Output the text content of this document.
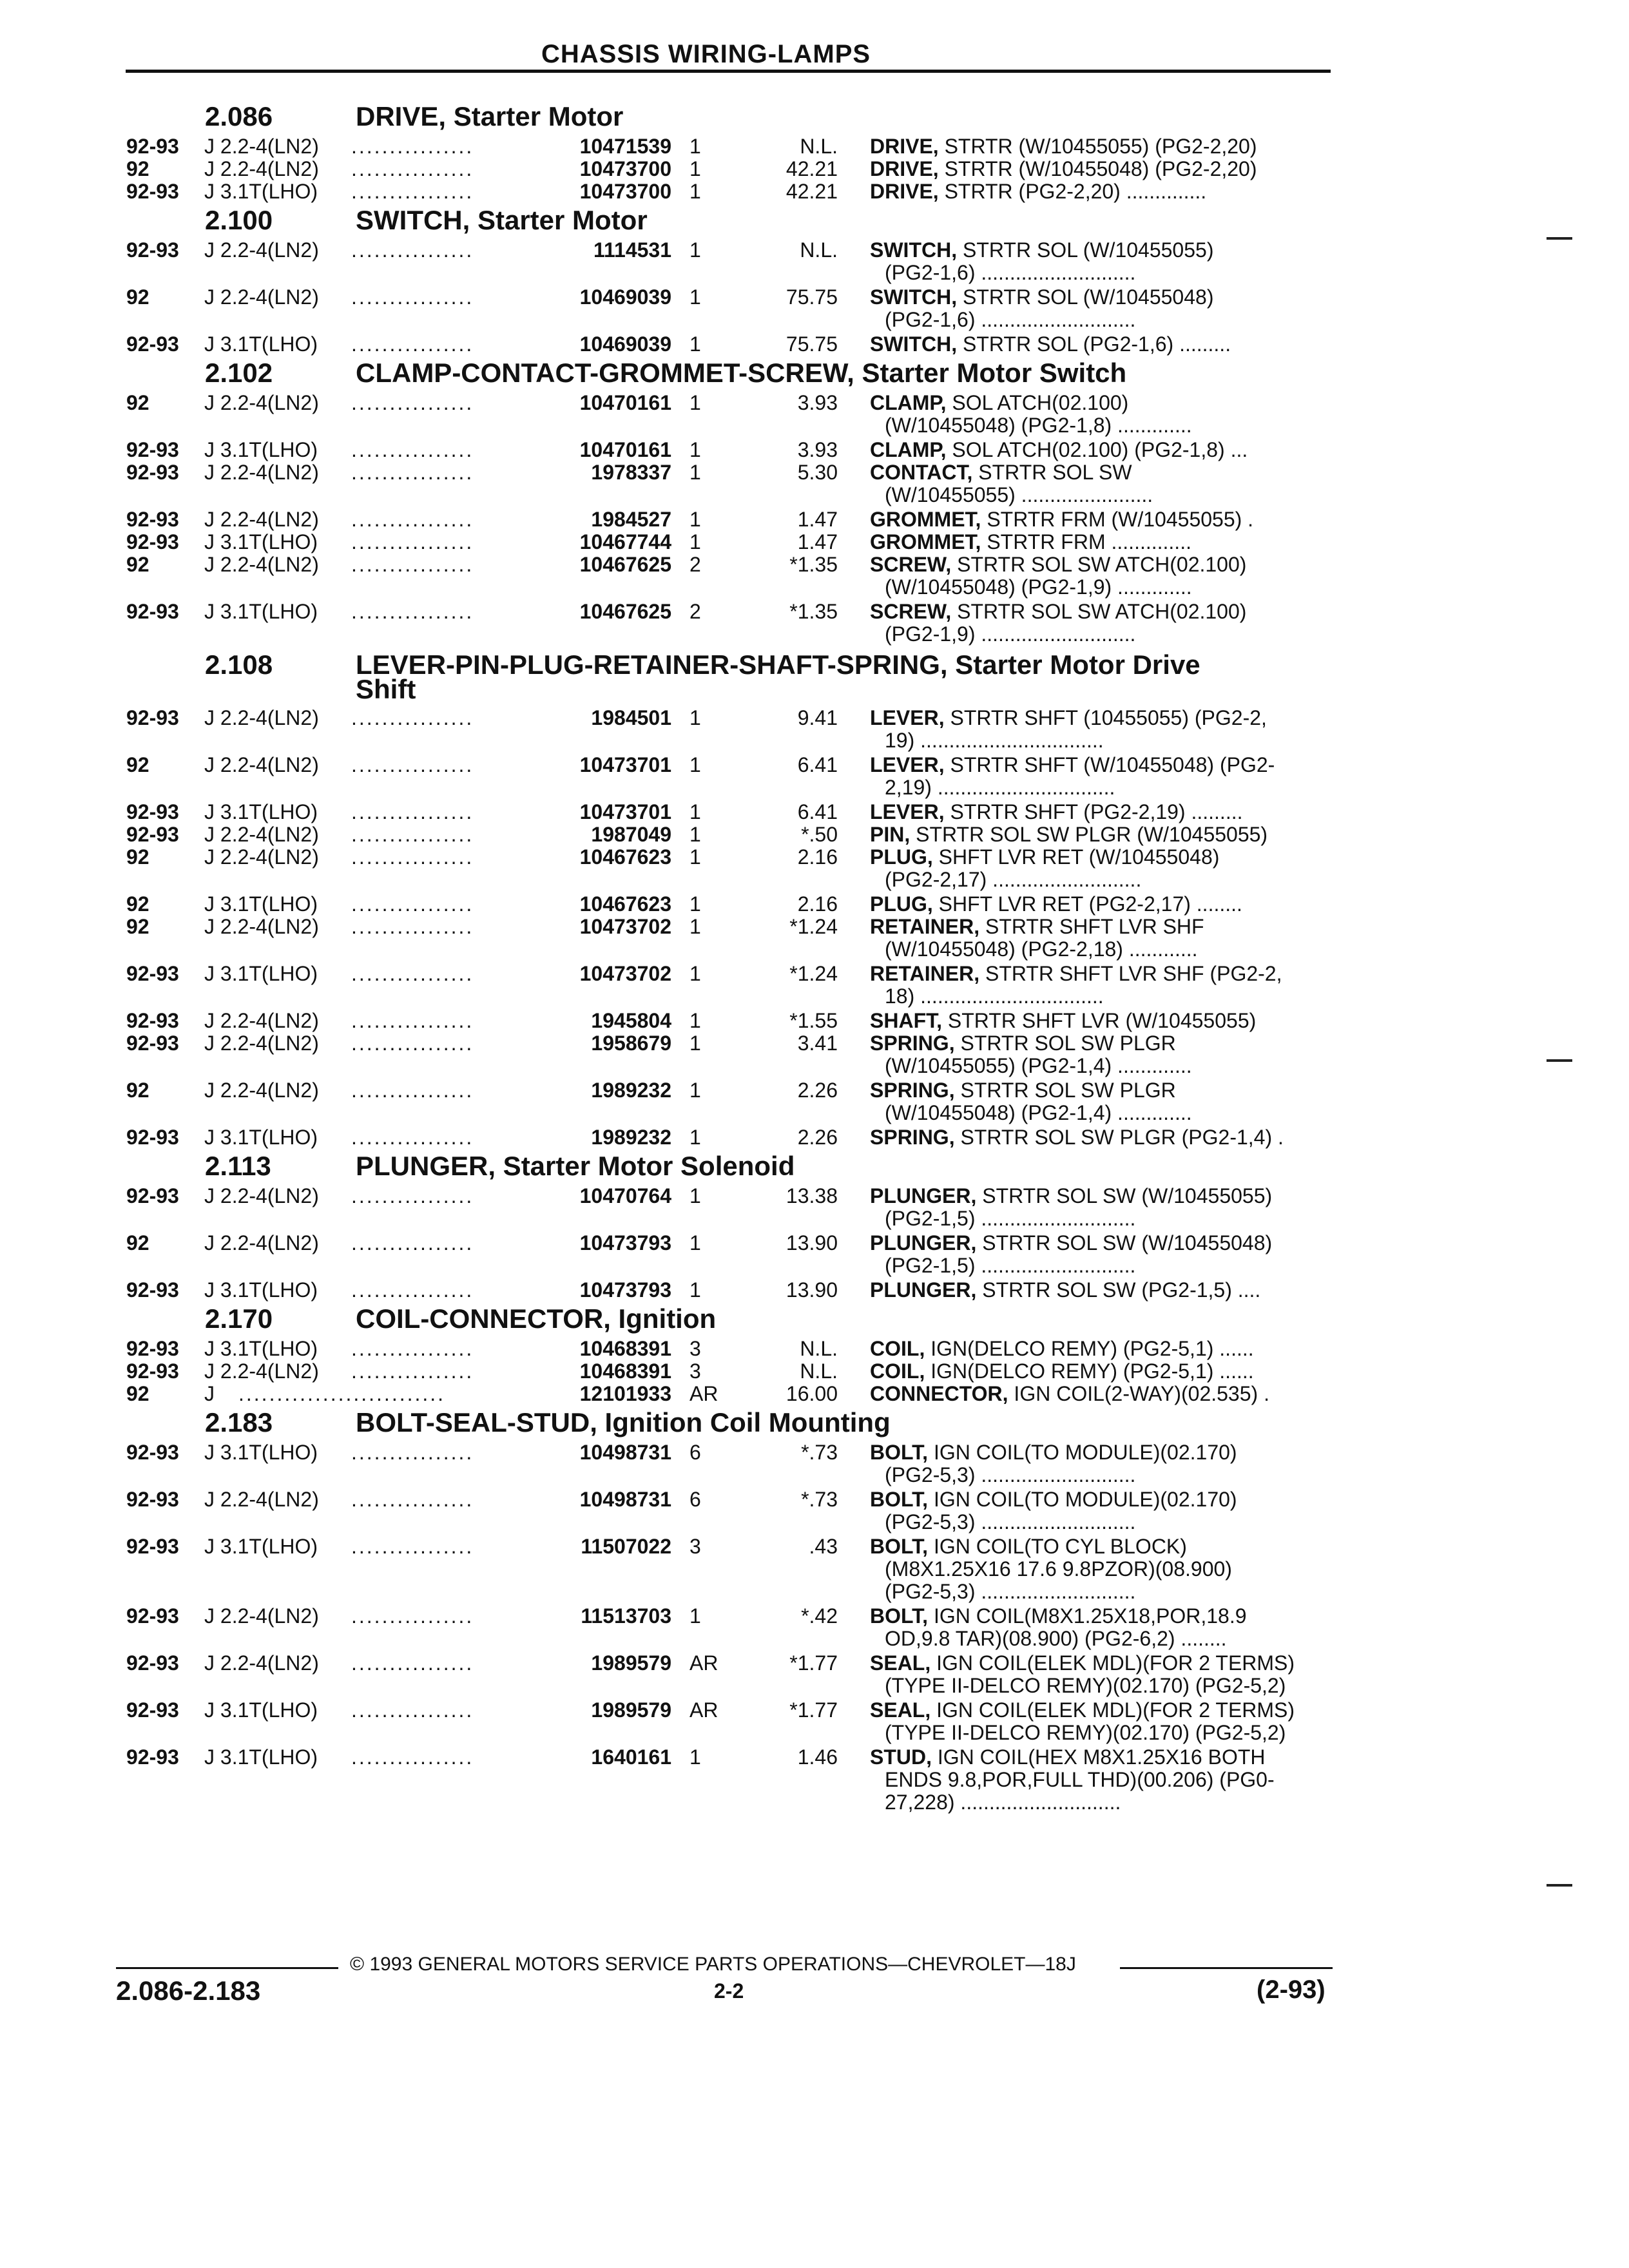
CHASSIS WIRING-LAMPS
2.086	DRIVE, Starter Motor
92-93 J 2.2-4(LN2) ................	10471539 1	N.L. DRIVE, STRTR (W/10455055) (PG2-2,20)
92	J 2.2-4(LN2) ................	10473700 1	42.21 DRIVE, STRTR (W/10455048) (PG2-2,20)
92-93 J 3.1T(LHO) ................	10473700 1	42.21 DRIVE, STRTR (PG2-2,20) ..............
2.100	SWITCH, Starter Motor
92-93 J 2.2-4(LN2) ................	1114531 1	N.L. SWITCH, STRTR SOL (W/10455055)
(PG2-1,6) ...........................
92	J 2.2-4(LN2) ................	10469039 1	75.75 SWITCH, STRTR SOL (W/10455048)
(PG2-1,6) ...........................
92-93 J 3.1T(LHO) ................	10469039 1	75.75 SWITCH, STRTR SOL (PG2-1,6) .........
2.102	CLAMP-CONTACT-GROMMET-SCREW, Starter Motor Switch
92	J 2.2-4(LN2) ................	10470161 1	3.93 CLAMP, SOL ATCH(02.100)
(W/10455048) (PG2-1,8) .............
92-93 J 3.1T(LHO) ................	10470161 1	3.93 CLAMP, SOL ATCH(02.100) (PG2-1,8) ...
92-93 J 2.2-4(LN2) ................	1978337 1	5.30 CONTACT, STRTR SOL SW
(W/10455055) .......................
92-93 J 2.2-4(LN2) ................	1984527 1	1.47 GROMMET, STRTR FRM (W/10455055) .
92-93 J 3.1T(LHO) ................	10467744 1	1.47 GROMMET, STRTR FRM ..............
92	J 2.2-4(LN2) ................	10467625 2	*1.35 SCREW, STRTR SOL SW ATCH(02.100)
(W/10455048) (PG2-1,9) .............
92-93 J 3.1T(LHO) ................	10467625 2	*1.35 SCREW, STRTR SOL SW ATCH(02.100)
(PG2-1,9) ...........................
2.108	LEVER-PIN-PLUG-RETAINER-SHAFT-SPRING, Starter Motor Drive
Shift
92-93 J 2.2-4(LN2) ................	1984501 1	9.41 LEVER, STRTR SHFT (10455055) (PG2-2,
19) ................................
92	J 2.2-4(LN2) ................	10473701 1	6.41 LEVER, STRTR SHFT (W/10455048) (PG2-
2,19) ...............................
92-93 J 3.1T(LHO) ................	10473701 1	6.41 LEVER, STRTR SHFT (PG2-2,19) .........
92-93 J 2.2-4(LN2) ................	1987049 1	*.50 PIN, STRTR SOL SW PLGR (W/10455055)
92	J 2.2-4(LN2) ................	10467623 1	2.16 PLUG, SHFT LVR RET (W/10455048)
(PG2-2,17) ..........................
92	J 3.1T(LHO) ................	10467623 1	2.16 PLUG, SHFT LVR RET (PG2-2,17) ........
92	J 2.2-4(LN2) ................	10473702 1	*1.24 RETAINER, STRTR SHFT LVR SHF
(W/10455048) (PG2-2,18) ............
92-93 J 3.1T(LHO) ................	10473702 1	*1.24 RETAINER, STRTR SHFT LVR SHF (PG2-2,
18) ................................
92-93 J 2.2-4(LN2) ................	1945804 1	*1.55 SHAFT, STRTR SHFT LVR (W/10455055)
92-93 J 2.2-4(LN2) ................	1958679 1	3.41 SPRING, STRTR SOL SW PLGR
(W/10455055) (PG2-1,4) .............
92	J 2.2-4(LN2) ................	1989232 1	2.26 SPRING, STRTR SOL SW PLGR
(W/10455048) (PG2-1,4) .............
92-93 J 3.1T(LHO) ................	1989232 1	2.26 SPRING, STRTR SOL SW PLGR (PG2-1,4) .
2.113	PLUNGER, Starter Motor Solenoid
92-93 J 2.2-4(LN2) ................	10470764 1	13.38 PLUNGER, STRTR SOL SW (W/10455055)
(PG2-1,5) ...........................
92	J 2.2-4(LN2) ................	10473793 1	13.90 PLUNGER, STRTR SOL SW (W/10455048)
(PG2-1,5) ...........................
92-93 J 3.1T(LHO) ................	10473793 1	13.90 PLUNGER, STRTR SOL SW (PG2-1,5) ....
2.170	COIL-CONNECTOR, Ignition
92-93 J 3.1T(LHO) ................	10468391 3	N.L. COIL, IGN(DELCO REMY) (PG2-5,1) ......
92-93 J 2.2-4(LN2) ................	10468391 3	N.L. COIL, IGN(DELCO REMY) (PG2-5,1) ......
92	J ...........................	12101933 AR	16.00 CONNECTOR, IGN COIL(2-WAY)(02.535) .
2.183	BOLT-SEAL-STUD, Ignition Coil Mounting
92-93 J 3.1T(LHO) ................	10498731 6	*.73 BOLT, IGN COIL(TO MODULE)(02.170)
(PG2-5,3) ...........................
92-93 J 2.2-4(LN2) ................	10498731 6	*.73 BOLT, IGN COIL(TO MODULE)(02.170)
(PG2-5,3) ...........................
92-93 J 3.1T(LHO) ................	11507022 3	.43 BOLT, IGN COIL(TO CYL BLOCK)
(M8X1.25X16 17.6 9.8PZOR)(08.900)
(PG2-5,3) ...........................
92-93 J 2.2-4(LN2) ................	11513703 1	*.42 BOLT, IGN COIL(M8X1.25X18,POR,18.9
OD,9.8 TAR)(08.900) (PG2-6,2) ........
92-93 J 2.2-4(LN2) ................	1989579 AR	*1.77 SEAL, IGN COIL(ELEK MDL)(FOR 2 TERMS)
(TYPE II-DELCO REMY)(02.170) (PG2-5,2)
92-93 J 3.1T(LHO) ................	1989579 AR	*1.77 SEAL, IGN COIL(ELEK MDL)(FOR 2 TERMS)
(TYPE II-DELCO REMY)(02.170) (PG2-5,2)
92-93 J 3.1T(LHO) ................	1640161 1	1.46 STUD, IGN COIL(HEX M8X1.25X16 BOTH
ENDS 9.8,POR,FULL THD)(00.206) (PG0-
27,228) ............................
© 1993 GENERAL MOTORS SERVICE PARTS OPERATIONS—CHEVROLET—18J
2.086-2.183	2-2	(2-93)
